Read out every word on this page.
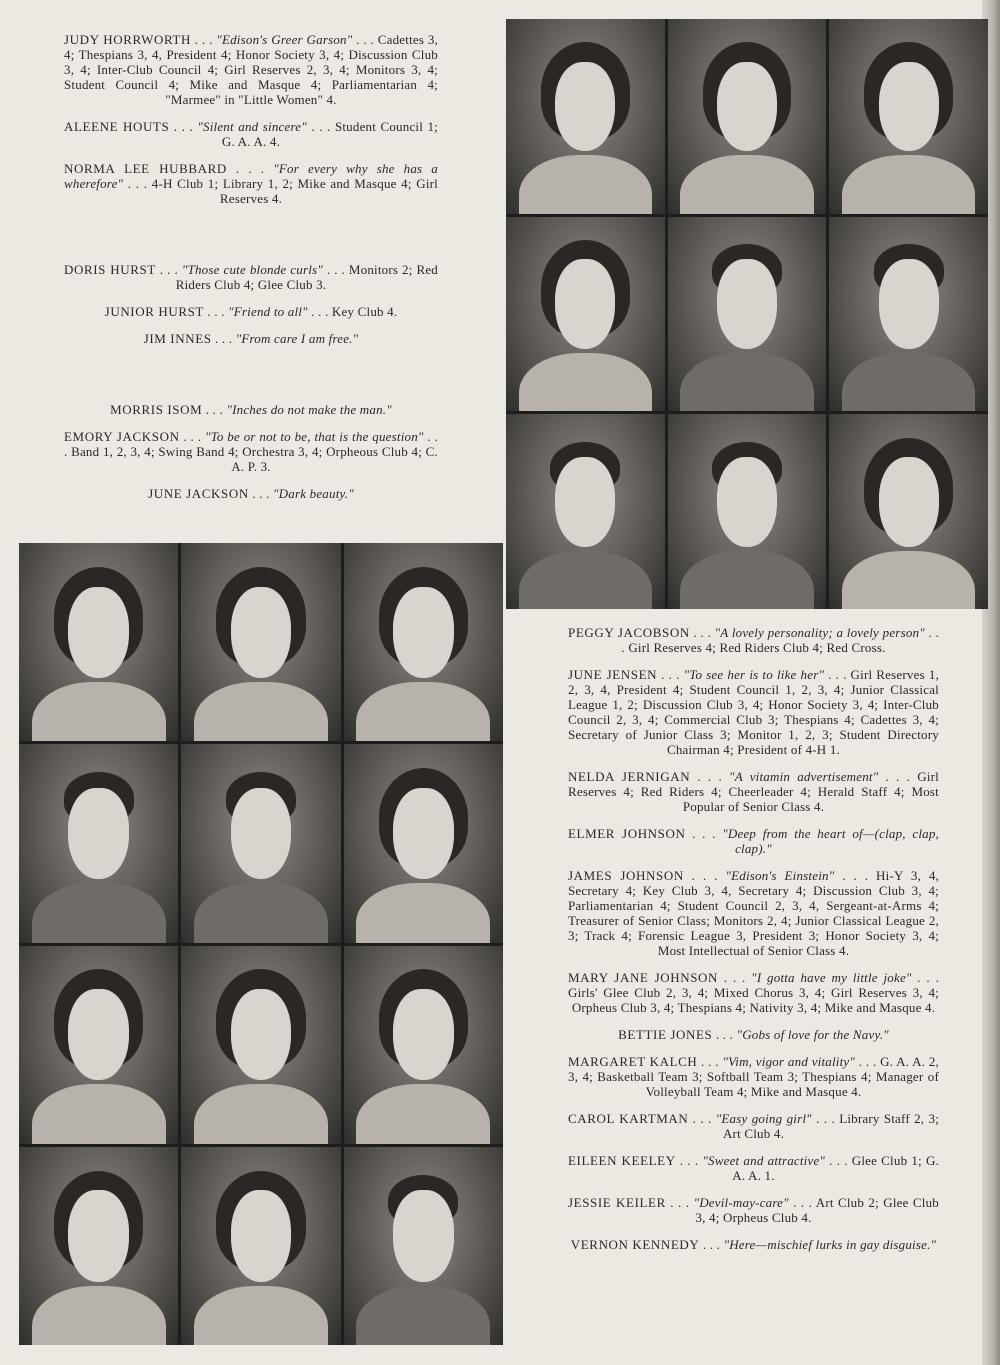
JUDY HORRWORTH . . . "Edison's Greer Garson" . . . Cadettes 3, 4; Thespians 3, 4, President 4; Honor Society 3, 4; Discussion Club 3, 4; Inter-Club Council 4; Girl Reserves 2, 3, 4; Monitors 3, 4; Student Council 4; Mike and Masque 4; Parliamentarian 4; "Marmee" in "Little Women" 4.

ALEENE HOUTS . . . "Silent and sincere" . . . Student Council 1; G. A. A. 4.

NORMA LEE HUBBARD . . . "For every why she has a wherefore" . . . 4-H Club 1; Library 1, 2; Mike and Masque 4; Girl Reserves 4.

DORIS HURST . . . "Those cute blonde curls" . . . Monitors 2; Red Riders Club 4; Glee Club 3.

JUNIOR HURST . . . "Friend to all" . . . Key Club 4.

JIM INNES . . . "From care I am free."

MORRIS ISOM . . . "Inches do not make the man."

EMORY JACKSON . . . "To be or not to be, that is the question" . . . Band 1, 2, 3, 4; Swing Band 4; Orchestra 3, 4; Orpheous Club 4; C. A. P. 3.

JUNE JACKSON . . . "Dark beauty."

PEGGY JACOBSON . . . "A lovely personality; a lovely person" . . . Girl Reserves 4; Red Riders Club 4; Red Cross.

JUNE JENSEN . . . "To see her is to like her" . . . Girl Reserves 1, 2, 3, 4, President 4; Student Council 1, 2, 3, 4; Junior Classical League 1, 2; Discussion Club 3, 4; Honor Society 3, 4; Inter-Club Council 2, 3, 4; Commercial Club 3; Thespians 4; Cadettes 3, 4; Secretary of Junior Class 3; Monitor 1, 2, 3; Student Directory Chairman 4; President of 4-H 1.

NELDA JERNIGAN . . . "A vitamin advertisement" . . . Girl Reserves 4; Red Riders 4; Cheerleader 4; Herald Staff 4; Most Popular of Senior Class 4.

ELMER JOHNSON . . . "Deep from the heart of—(clap, clap, clap)."

JAMES JOHNSON . . . "Edison's Einstein" . . . Hi-Y 3, 4, Secretary 4; Key Club 3, 4, Secretary 4; Discussion Club 3, 4; Parliamentarian 4; Student Council 2, 3, 4, Sergeant-at-Arms 4; Treasurer of Senior Class; Monitors 2, 4; Junior Classical League 2, 3; Track 4; Forensic League 3, President 3; Honor Society 3, 4; Most Intellectual of Senior Class 4.

MARY JANE JOHNSON . . . "I gotta have my little joke" . . . Girls' Glee Club 2, 3, 4; Mixed Chorus 3, 4; Girl Reserves 3, 4; Orpheus Club 3, 4; Thespians 4; Nativity 3, 4; Mike and Masque 4.

BETTIE JONES . . . "Gobs of love for the Navy."

MARGARET KALCH . . . "Vim, vigor and vitality" . . . G. A. A. 2, 3, 4; Basketball Team 3; Softball Team 3; Thespians 4; Manager of Volleyball Team 4; Mike and Masque 4.

CAROL KARTMAN . . . "Easy going girl" . . . Library Staff 2, 3; Art Club 4.

EILEEN KEELEY . . . "Sweet and attractive" . . . Glee Club 1; G. A. A. 1.

JESSIE KEILER . . . "Devil-may-care" . . . Art Club 2; Glee Club 3, 4; Orpheus Club 4.

VERNON KENNEDY . . . "Here—mischief lurks in gay disguise."
